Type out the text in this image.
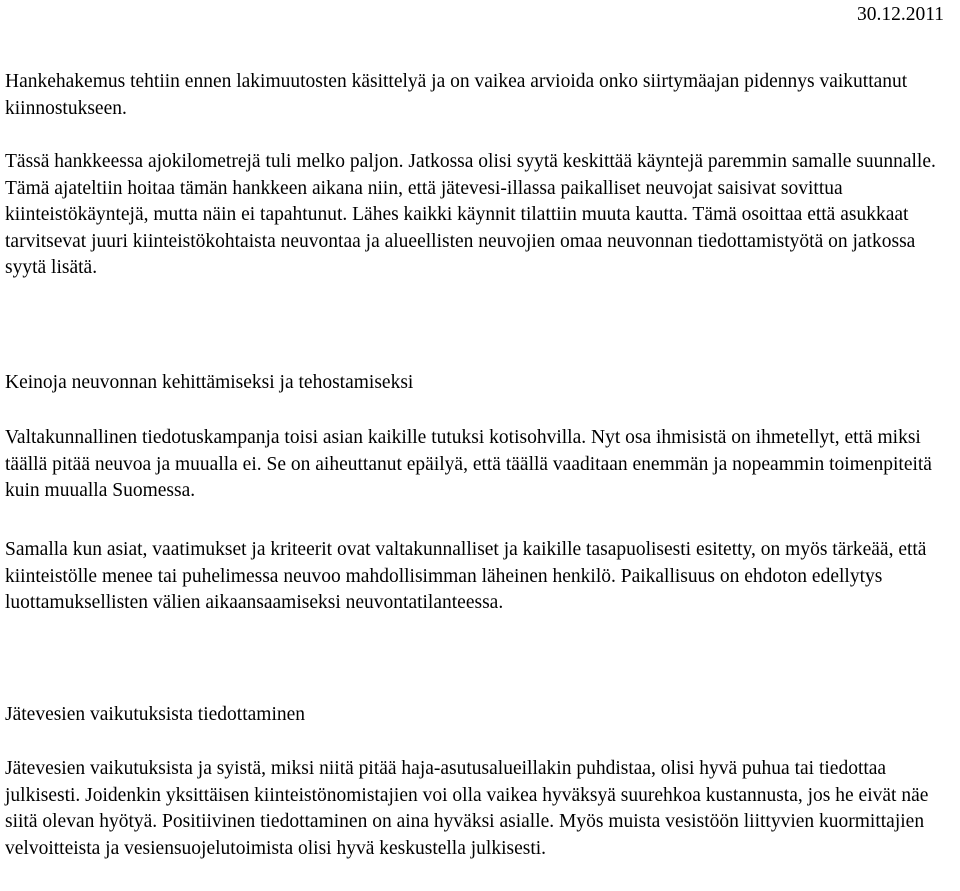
30.12.2011

Hankehakemus tehtiin ennen lakimuutosten käsittelyä ja on vaikea arvioida onko siirtymäajan pidennys vaikuttanut kiinnostukseen.

Tässä hankkeessa ajokilometrejä tuli melko paljon. Jatkossa olisi syytä keskittää käyntejä paremmin samalle suunnalle. Tämä ajateltiin hoitaa tämän hankkeen aikana niin, että jätevesi-illassa paikalliset neuvojat saisivat sovittua kiinteistökäyntejä, mutta näin ei tapahtunut. Lähes kaikki käynnit tilattiin muuta kautta. Tämä osoittaa että asukkaat tarvitsevat juuri kiinteistökohtaista neuvontaa ja alueellisten neuvojien omaa neuvonnan tiedottamistyötä on jatkossa syytä lisätä.

Keinoja neuvonnan kehittämiseksi ja tehostamiseksi

Valtakunnallinen tiedotuskampanja toisi asian kaikille tutuksi kotisohvilla. Nyt osa ihmisistä on ihmetellyt, että miksi täällä pitää neuvoa ja muualla ei. Se on aiheuttanut epäilyä, että täällä vaaditaan enemmän ja nopeammin toimenpiteitä kuin muualla Suomessa.

Samalla kun asiat, vaatimukset ja kriteerit ovat valtakunnalliset ja kaikille tasapuolisesti esitetty, on myös tärkeää, että kiinteistölle menee tai puhelimessa neuvoo mahdollisimman läheinen henkilö. Paikallisuus on ehdoton edellytys luottamuksellisten välien aikaansaamiseksi neuvontatilanteessa.

Jätevesien vaikutuksista tiedottaminen

Jätevesien vaikutuksista ja syistä, miksi niitä pitää haja-asutusalueillakin puhdistaa, olisi hyvä puhua tai tiedottaa julkisesti. Joidenkin yksittäisen kiinteistönomistajien voi olla vaikea hyväksyä suurehkoa kustannusta, jos he eivät näe siitä olevan hyötyä. Positiivinen tiedottaminen on aina hyväksi asialle. Myös muista vesistöön liittyvien kuormittajien velvoitteista ja vesiensuojelutoimista olisi hyvä keskustella julkisesti.
